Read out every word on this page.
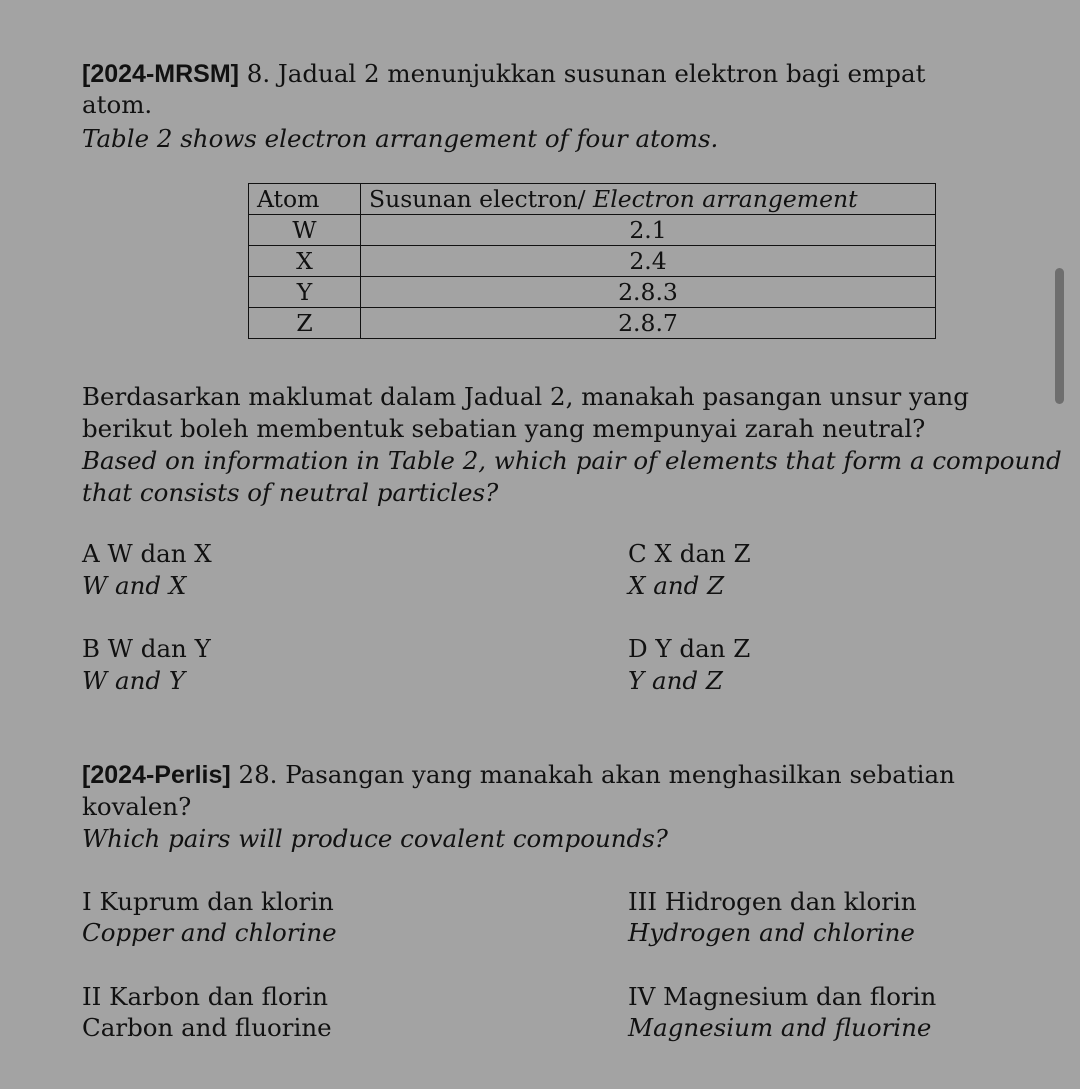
[2024-MRSM] 8. Jadual 2 menunjukkan susunan elektron bagi empat
atom.
Table 2 shows electron arrangement of four atoms.
Atom	Susunan electron/ Electron arrangement
W	2.1
X	2.4
Y	2.8.3
Z	2.8.7
Berdasarkan maklumat dalam Jadual 2, manakah pasangan unsur yang
berikut boleh membentuk sebatian yang mempunyai zarah neutral?
Based on information in Table 2, which pair of elements that form a compound
that consists of neutral particles?
A W dan X
W and X
C X dan Z
X and Z
B W dan Y
W and Y
D Y dan Z
Y and Z
[2024-Perlis] 28. Pasangan yang manakah akan menghasilkan sebatian
kovalen?
Which pairs will produce covalent compounds?
I Kuprum dan klorin
Copper and chlorine
III Hidrogen dan klorin
Hydrogen and chlorine
II Karbon dan florin
Carbon and fluorine
IV Magnesium dan florin
Magnesium and fluorine
